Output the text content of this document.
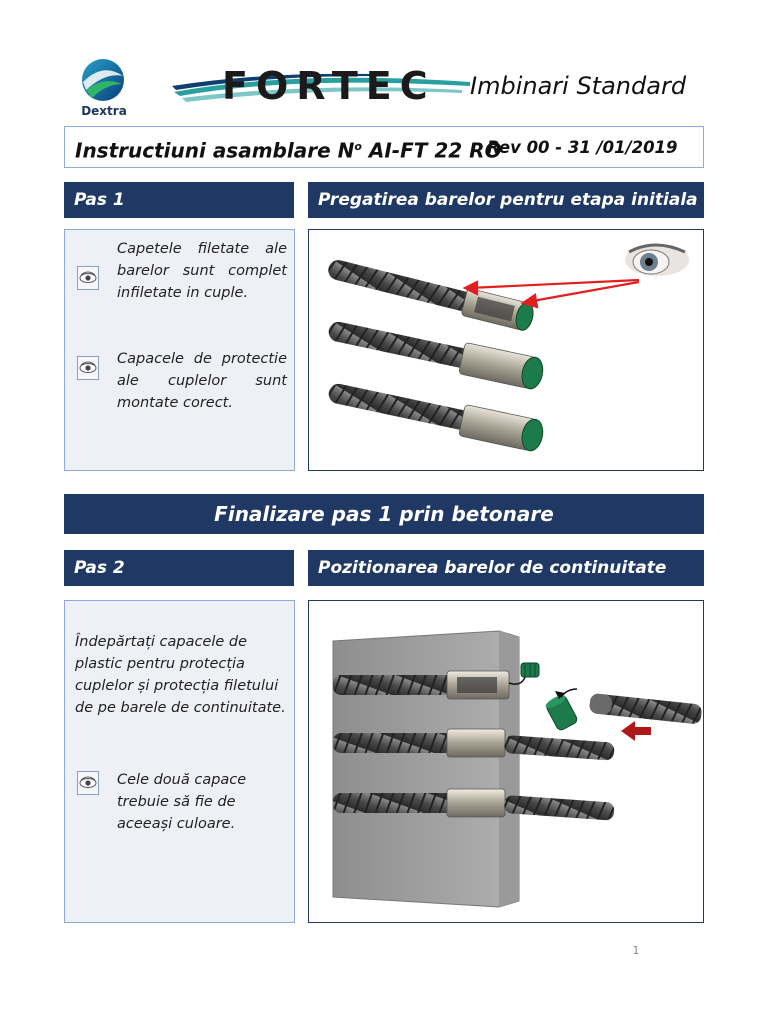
Dextra
FORTEC	Imbinari Standard
Instructiuni asamblare $N^o$ AI-FT 22 RO
Rev 00 - 31 /01/2019
Pas 1	Pregatirea barelor pentru etapa initiala
Capetele filetate ale
barelor sunt complet
infiletate in cuple.
Capacele de protectie
ale cuplelor sunt
montate corect.
Finalizare pas 1 prin betonare
Pas 2	Pozitionarea barelor de continuitate
Îndepărtați capacele de
plastic pentru protecția
cuplelor și protecția filetului
de pe barele de continuitate.
Cele două capace
trebuie să fie de
aceeași culoare.
1
